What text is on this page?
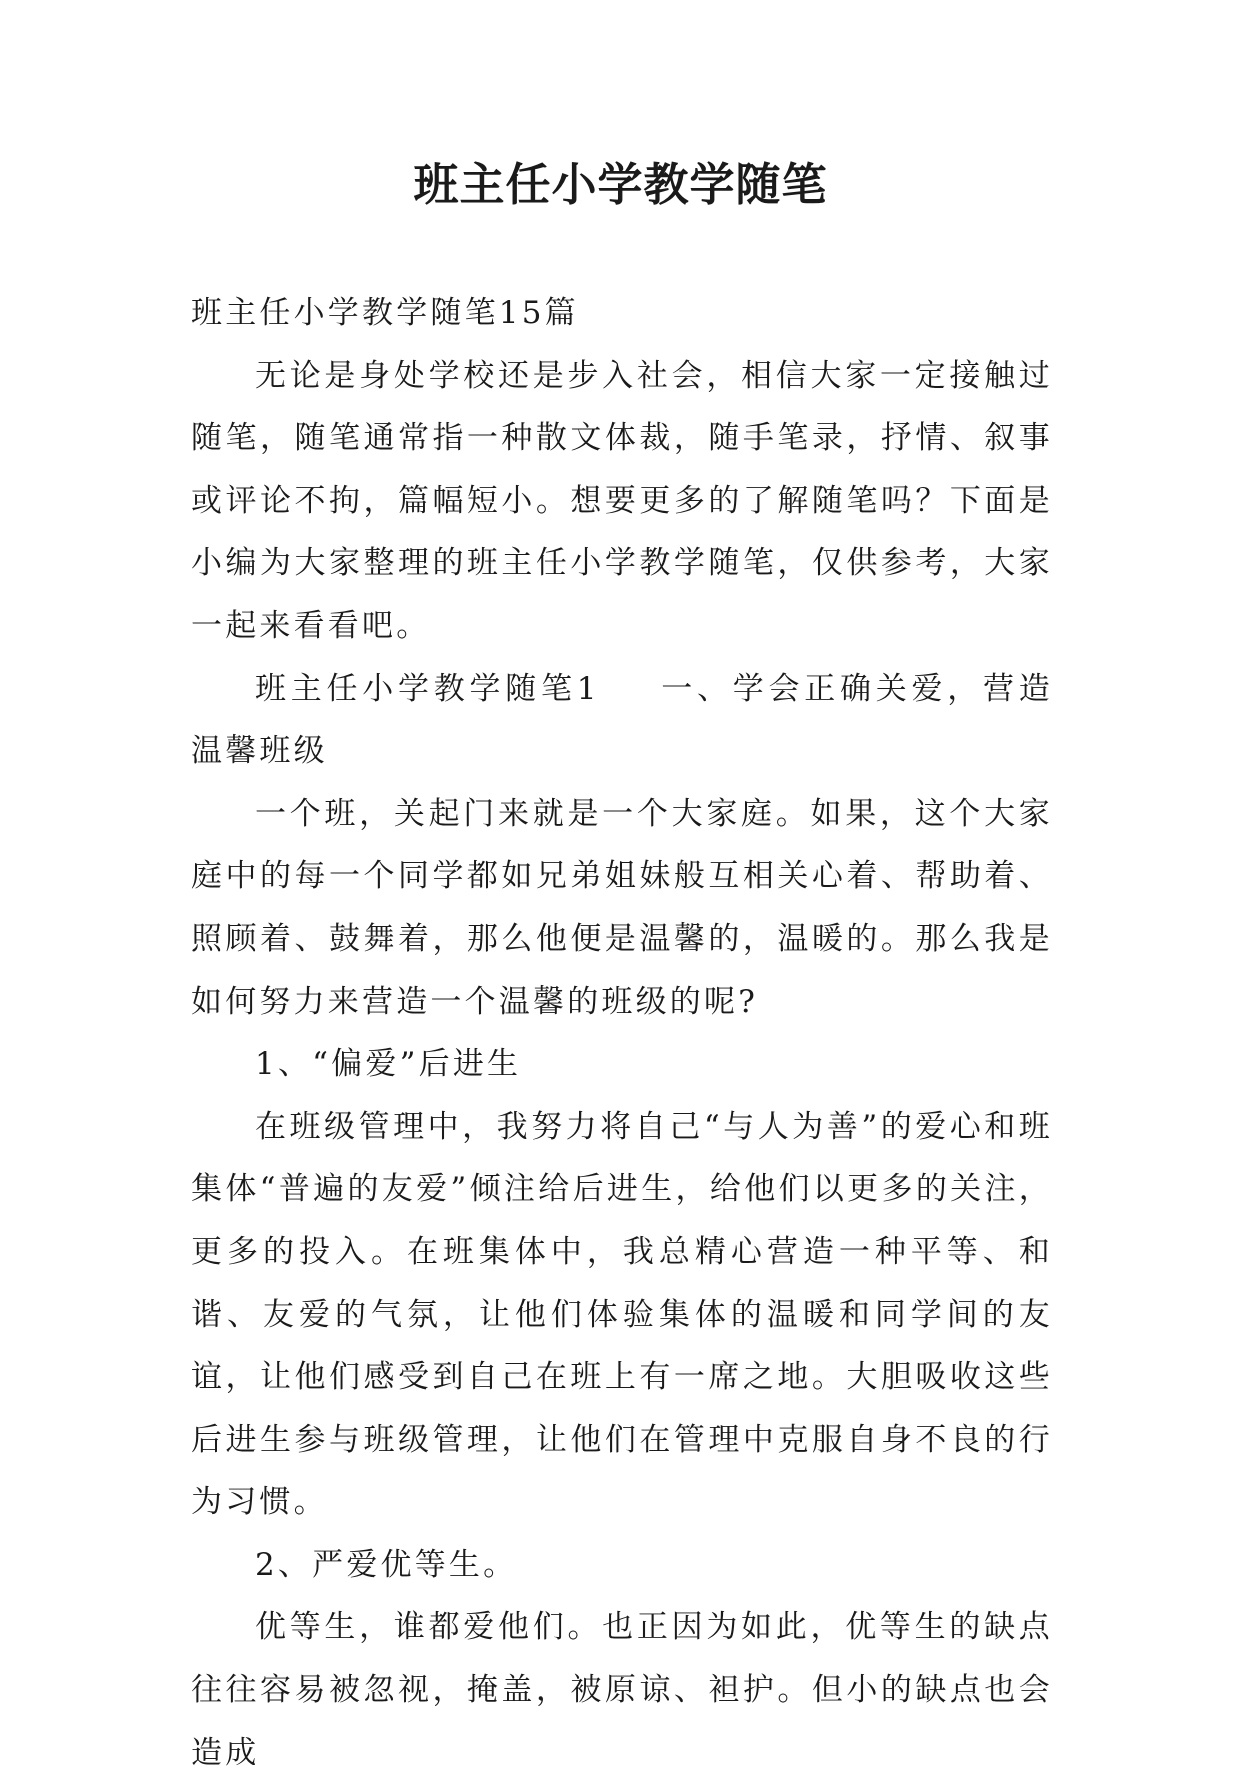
班主任小学教学随笔

班主任小学教学随笔15篇

无论是身处学校还是步入社会，相信大家一定接触过随笔，随笔通常指一种散文体裁，随手笔录，抒情、叙事或评论不拘，篇幅短小。想要更多的了解随笔吗？下面是小编为大家整理的班主任小学教学随笔，仅供参考，大家一起来看看吧。

班主任小学教学随笔1 一、学会正确关爱，营造温馨班级

一个班，关起门来就是一个大家庭。如果，这个大家庭中的每一个同学都如兄弟姐妹般互相关心着、帮助着、照顾着、鼓舞着，那么他便是温馨的，温暖的。那么我是如何努力来营造一个温馨的班级的呢?

1、“偏爱”后进生

在班级管理中，我努力将自己“与人为善”的爱心和班集体“普遍的友爱”倾注给后进生，给他们以更多的关注，更多的投入。在班集体中，我总精心营造一种平等、和谐、友爱的气氛，让他们体验集体的温暖和同学间的友谊，让他们感受到自己在班上有一席之地。大胆吸收这些后进生参与班级管理，让他们在管理中克服自身不良的行为习惯。

2、严爱优等生。

优等生，谁都爱他们。也正因为如此，优等生的缺点往往容易被忽视，掩盖，被原谅、袒护。但小的缺点也会造成
